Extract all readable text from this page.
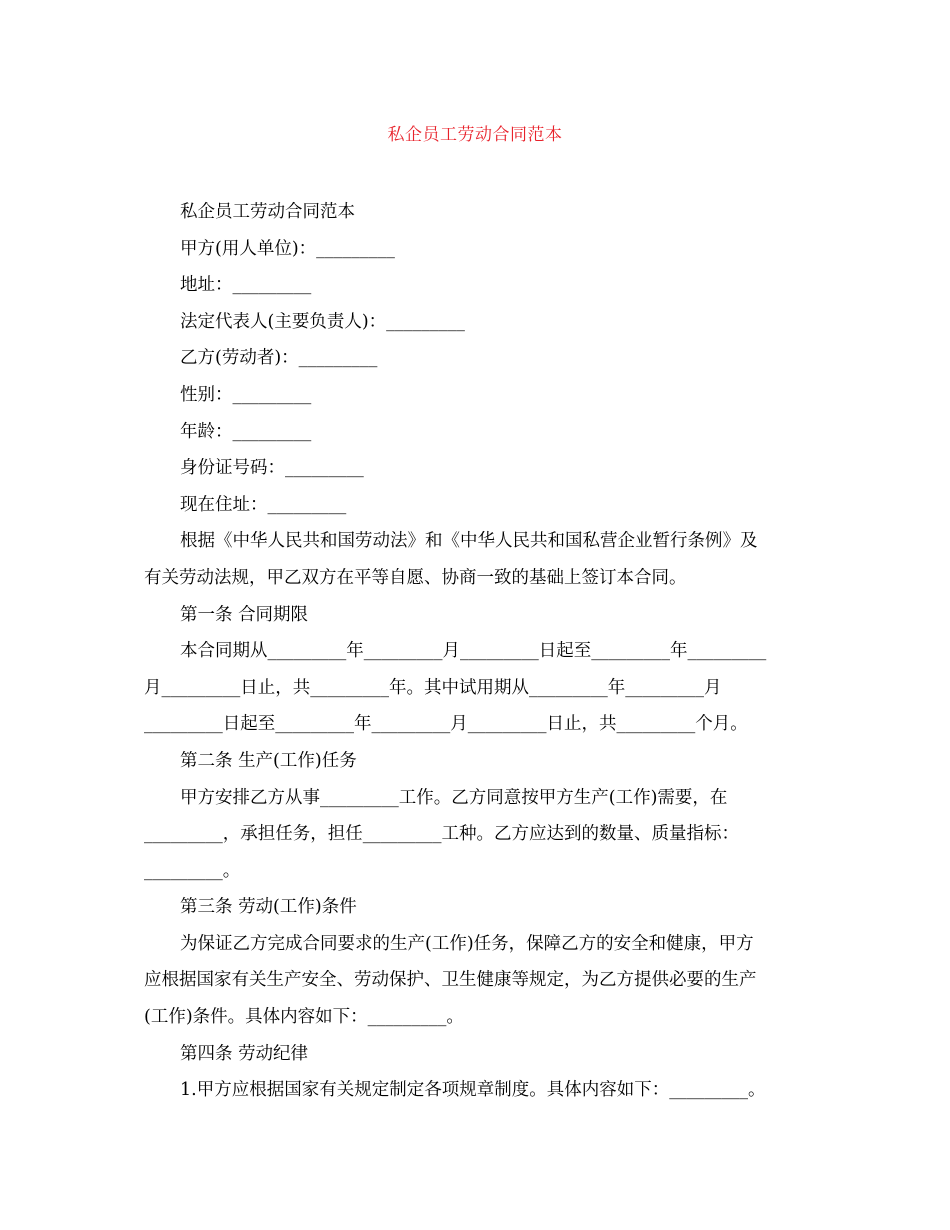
私企员工劳动合同范本
私企员工劳动合同范本
甲方(用人单位)：_________
地址：_________
法定代表人(主要负责人)：_________
乙方(劳动者)：_________
性别：_________
年龄：_________
身份证号码：_________
现在住址：_________
根据《中华人民共和国劳动法》和《中华人民共和国私营企业暂行条例》及
有关劳动法规，甲乙双方在平等自愿、协商一致的基础上签订本合同。
第一条 合同期限
本合同期从_________年_________月_________日起至_________年_________
月_________日止，共_________年。其中试用期从_________年_________月
_________日起至_________年_________月_________日止，共_________个月。
第二条 生产(工作)任务
甲方安排乙方从事_________工作。乙方同意按甲方生产(工作)需要，在
_________，承担任务，担任_________工种。乙方应达到的数量、质量指标：
_________。
第三条 劳动(工作)条件
为保证乙方完成合同要求的生产(工作)任务，保障乙方的安全和健康，甲方
应根据国家有关生产安全、劳动保护、卫生健康等规定，为乙方提供必要的生产
(工作)条件。具体内容如下：_________。
第四条 劳动纪律
1.甲方应根据国家有关规定制定各项规章制度。具体内容如下：_________。
